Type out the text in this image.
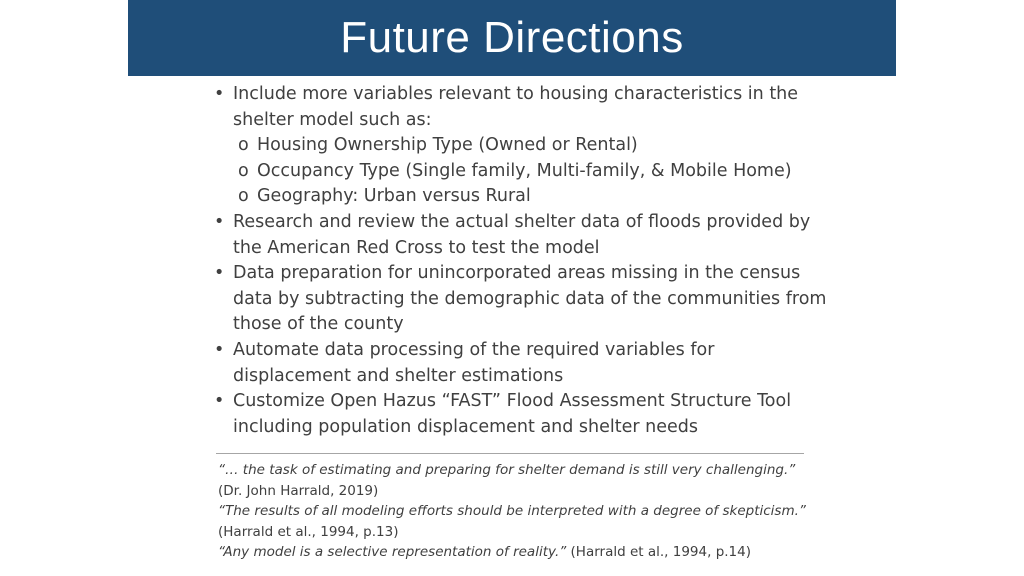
Future Directions
• Include more variables relevant to housing characteristics in the
shelter model such as:
o Housing Ownership Type (Owned or Rental)
o Occupancy Type (Single family, Multi-family, & Mobile Home)
o Geography: Urban versus Rural
• Research and review the actual shelter data of floods provided by
the American Red Cross to test the model
• Data preparation for unincorporated areas missing in the census
data by subtracting the demographic data of the communities from
those of the county
• Automate data processing of the required variables for
displacement and shelter estimations
• Customize Open Hazus “FAST” Flood Assessment Structure Tool
including population displacement and shelter needs
“… the task of estimating and preparing for shelter demand is still very challenging.”
(Dr. John Harrald, 2019)
“The results of all modeling efforts should be interpreted with a degree of skepticism.”
(Harrald et al., 1994, p.13)
“Any model is a selective representation of reality.” (Harrald et al., 1994, p.14)
